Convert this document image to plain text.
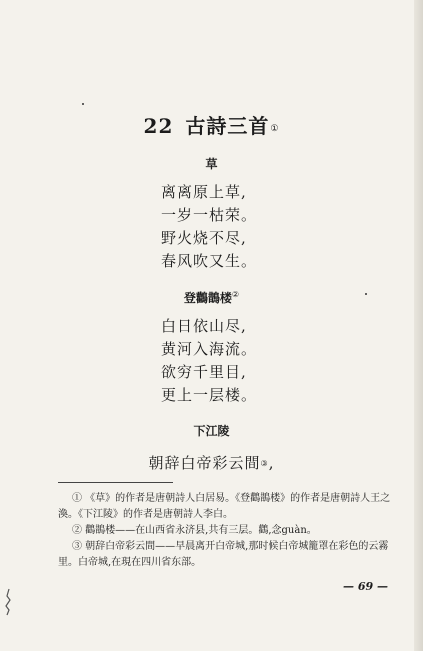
22 古詩三首①
草
离离原上草,
一岁一枯荣。
野火烧不尽,
春风吹又生。
登鸛鵲楼②
白日依山尽,
黄河入海流。
欲穷千里目,
更上一层楼。
下江陵
朝辞白帝彩云間③,
① 《草》的作者是唐朝詩人白居易。《登鸛鵲楼》的作者是唐朝詩人王之渙。《下江陵》的作者是唐朝詩人李白。
② 鸛鵲楼——在山西省永济县,共有三层。鸛,念guàn。
③ 朝辞白帝彩云間——早晨离开白帝城,那时候白帝城籠罩在彩色的云霧里。白帝城,在現在四川省东部。
— 69 —
